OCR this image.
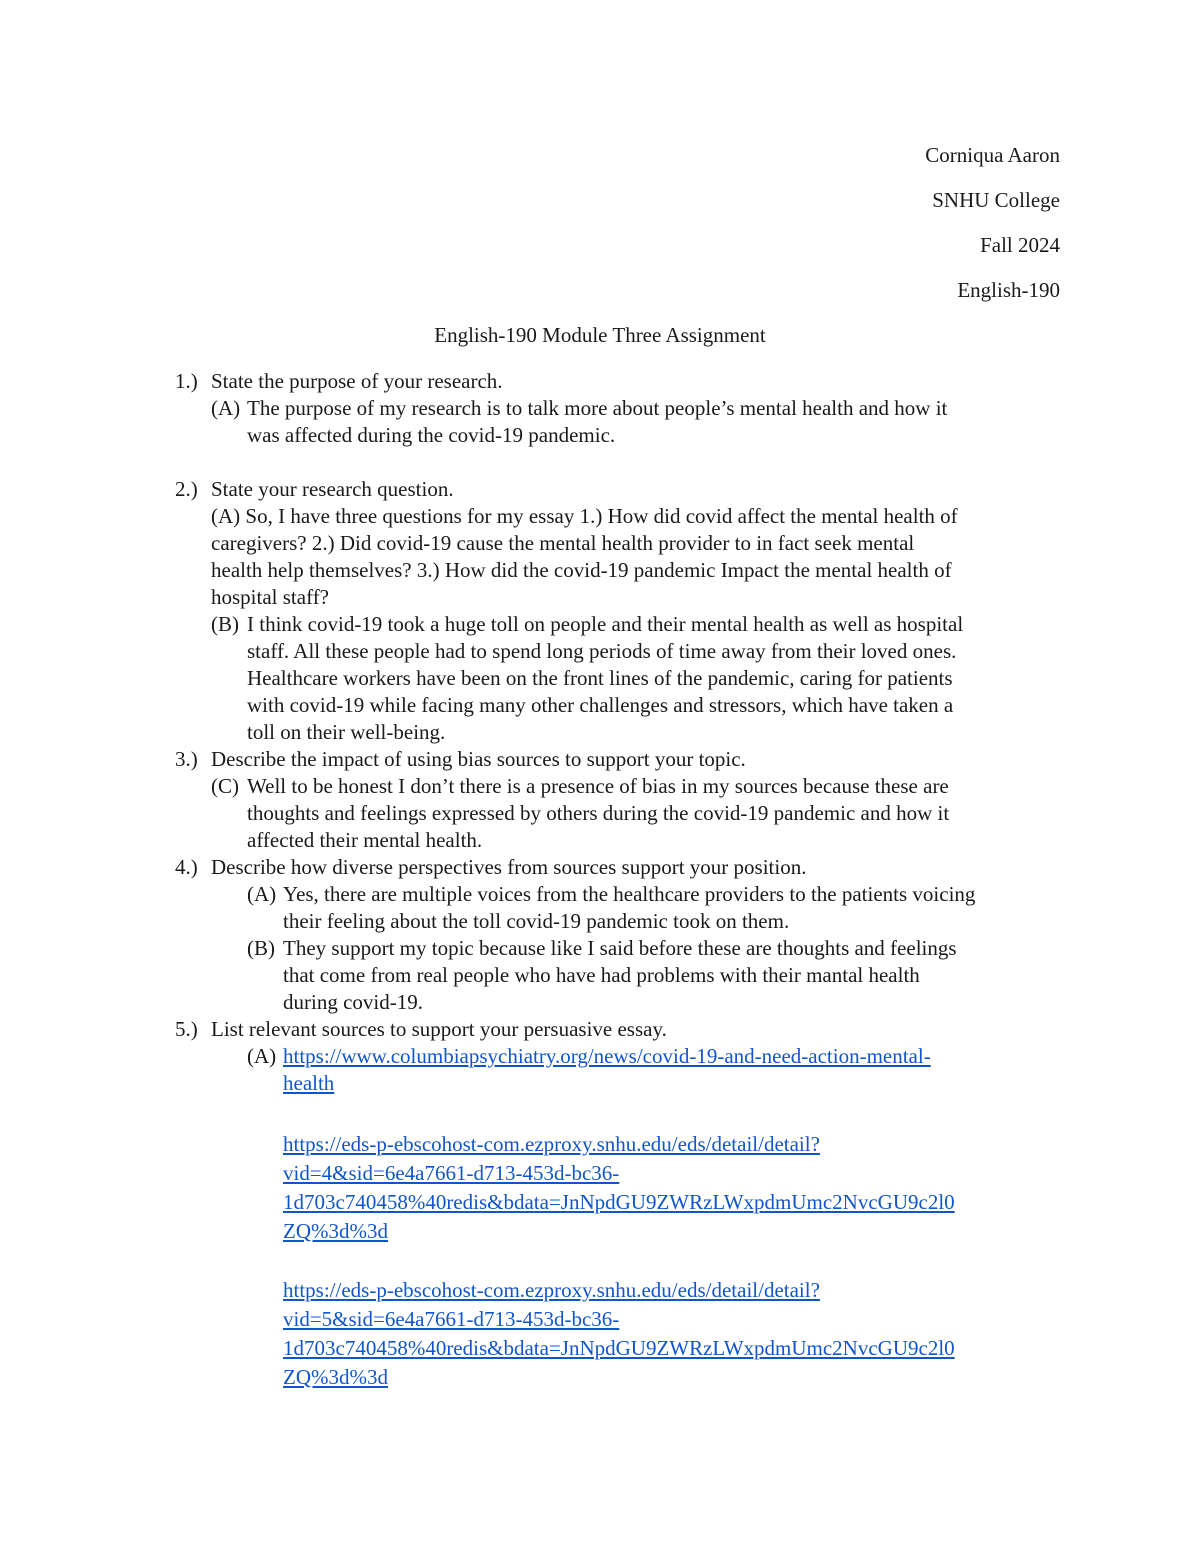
Corniqua Aaron
SNHU College
Fall 2024
English-190
English-190 Module Three Assignment
1.) State the purpose of your research.
(A) The purpose of my research is to talk more about people’s mental health and how it
was affected during the covid-19 pandemic.
2.) State your research question.
(A) So, I have three questions for my essay 1.) How did covid affect the mental health of
caregivers? 2.) Did covid-19 cause the mental health provider to in fact seek mental
health help themselves? 3.) How did the covid-19 pandemic Impact the mental health of
hospital staff?
(B) I think covid-19 took a huge toll on people and their mental health as well as hospital
staff. All these people had to spend long periods of time away from their loved ones.
Healthcare workers have been on the front lines of the pandemic, caring for patients
with covid-19 while facing many other challenges and stressors, which have taken a
toll on their well-being.
3.) Describe the impact of using bias sources to support your topic.
(C) Well to be honest I don’t there is a presence of bias in my sources because these are
thoughts and feelings expressed by others during the covid-19 pandemic and how it
affected their mental health.
4.) Describe how diverse perspectives from sources support your position.
(A) Yes, there are multiple voices from the healthcare providers to the patients voicing
their feeling about the toll covid-19 pandemic took on them.
(B) They support my topic because like I said before these are thoughts and feelings
that come from real people who have had problems with their mantal health
during covid-19.
5.) List relevant sources to support your persuasive essay.
(A) https://www.columbiapsychiatry.org/news/covid-19-and-need-action-mental-
health
https://eds-p-ebscohost-com.ezproxy.snhu.edu/eds/detail/detail?
vid=4&sid=6e4a7661-d713-453d-bc36-
1d703c740458%40redis&bdata=JnNpdGU9ZWRzLWxpdmUmc2NvcGU9c2l0
ZQ%3d%3d
https://eds-p-ebscohost-com.ezproxy.snhu.edu/eds/detail/detail?
vid=5&sid=6e4a7661-d713-453d-bc36-
1d703c740458%40redis&bdata=JnNpdGU9ZWRzLWxpdmUmc2NvcGU9c2l0
ZQ%3d%3d
